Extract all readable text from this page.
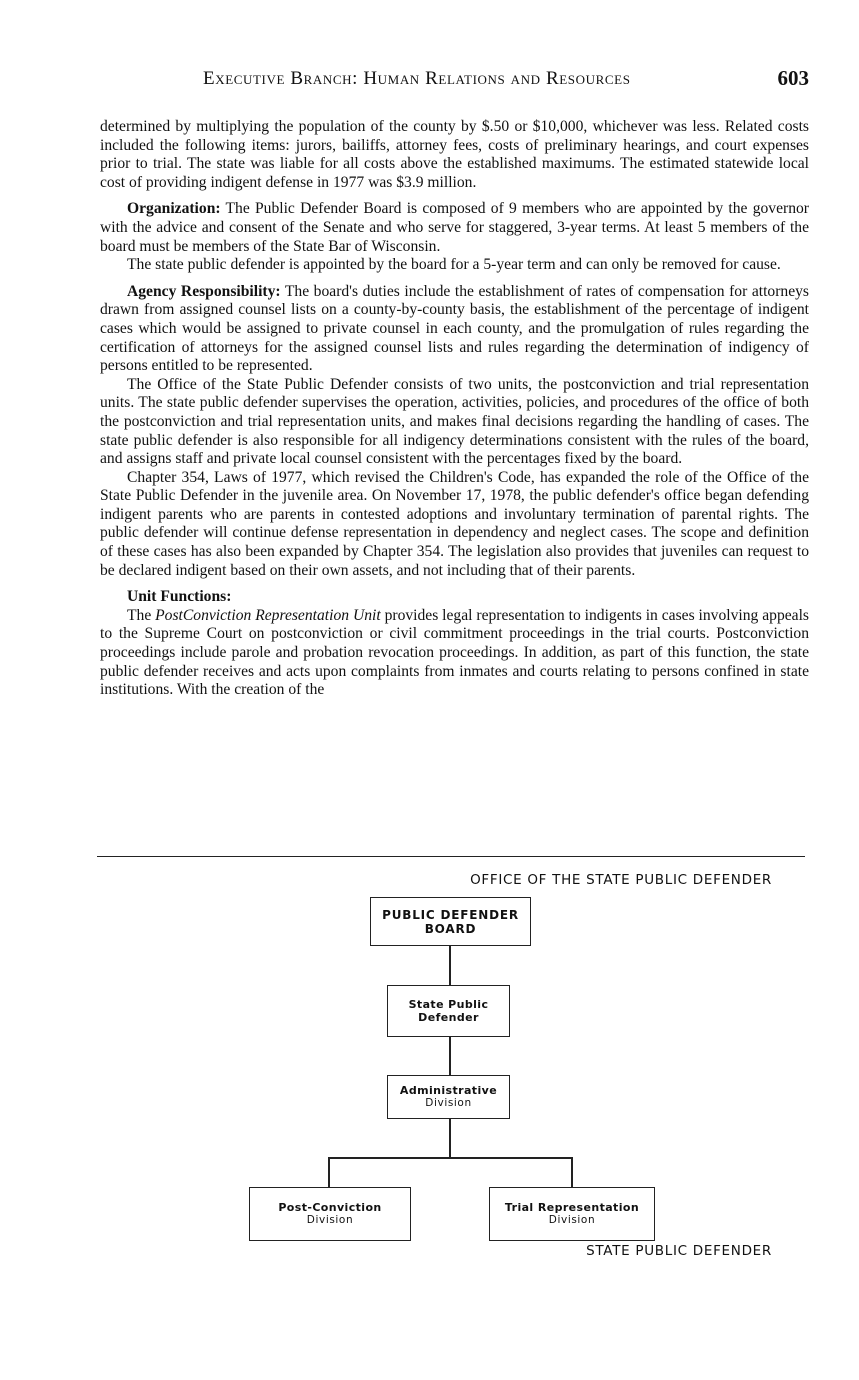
Executive Branch: Human Relations and Resources	603

determined by multiplying the population of the county by $.50 or $10,000, whichever was less. Related costs included the following items: jurors, bailiffs, attorney fees, costs of preliminary hearings, and court expenses prior to trial. The state was liable for all costs above the established maximums. The estimated statewide local cost of providing indigent defense in 1977 was $3.9 million.

Organization: The Public Defender Board is composed of 9 members who are appointed by the governor with the advice and consent of the Senate and who serve for staggered, 3-year terms. At least 5 members of the board must be members of the State Bar of Wisconsin.

The state public defender is appointed by the board for a 5-year term and can only be removed for cause.

Agency Responsibility: The board's duties include the establishment of rates of compensation for attorneys drawn from assigned counsel lists on a county-by-county basis, the establishment of the percentage of indigent cases which would be assigned to private counsel in each county, and the promulgation of rules regarding the certification of attorneys for the assigned counsel lists and rules regarding the determination of indigency of persons entitled to be represented.

The Office of the State Public Defender consists of two units, the postconviction and trial representation units. The state public defender supervises the operation, activities, policies, and procedures of the office of both the postconviction and trial representation units, and makes final decisions regarding the handling of cases. The state public defender is also responsible for all indigency determinations consistent with the rules of the board, and assigns staff and private local counsel consistent with the percentages fixed by the board.

Chapter 354, Laws of 1977, which revised the Children's Code, has expanded the role of the Office of the State Public Defender in the juvenile area. On November 17, 1978, the public defender's office began defending indigent parents who are parents in contested adoptions and involuntary termination of parental rights. The public defender will continue defense representation in dependency and neglect cases. The scope and definition of these cases has also been expanded by Chapter 354. The legislation also provides that juveniles can request to be declared indigent based on their own assets, and not including that of their parents.

Unit Functions:

The PostConviction Representation Unit provides legal representation to indigents in cases involving appeals to the Supreme Court on postconviction or civil commitment proceedings in the trial courts. Postconviction proceedings include parole and probation revocation proceedings. In addition, as part of this function, the state public defender receives and acts upon complaints from inmates and courts relating to persons confined in state institutions. With the creation of the

OFFICE OF THE STATE PUBLIC DEFENDER
PUBLIC DEFENDER
BOARD
State Public
Defender
Administrative
Division
Post-Conviction
Division
Trial Representation
Division
STATE PUBLIC DEFENDER
